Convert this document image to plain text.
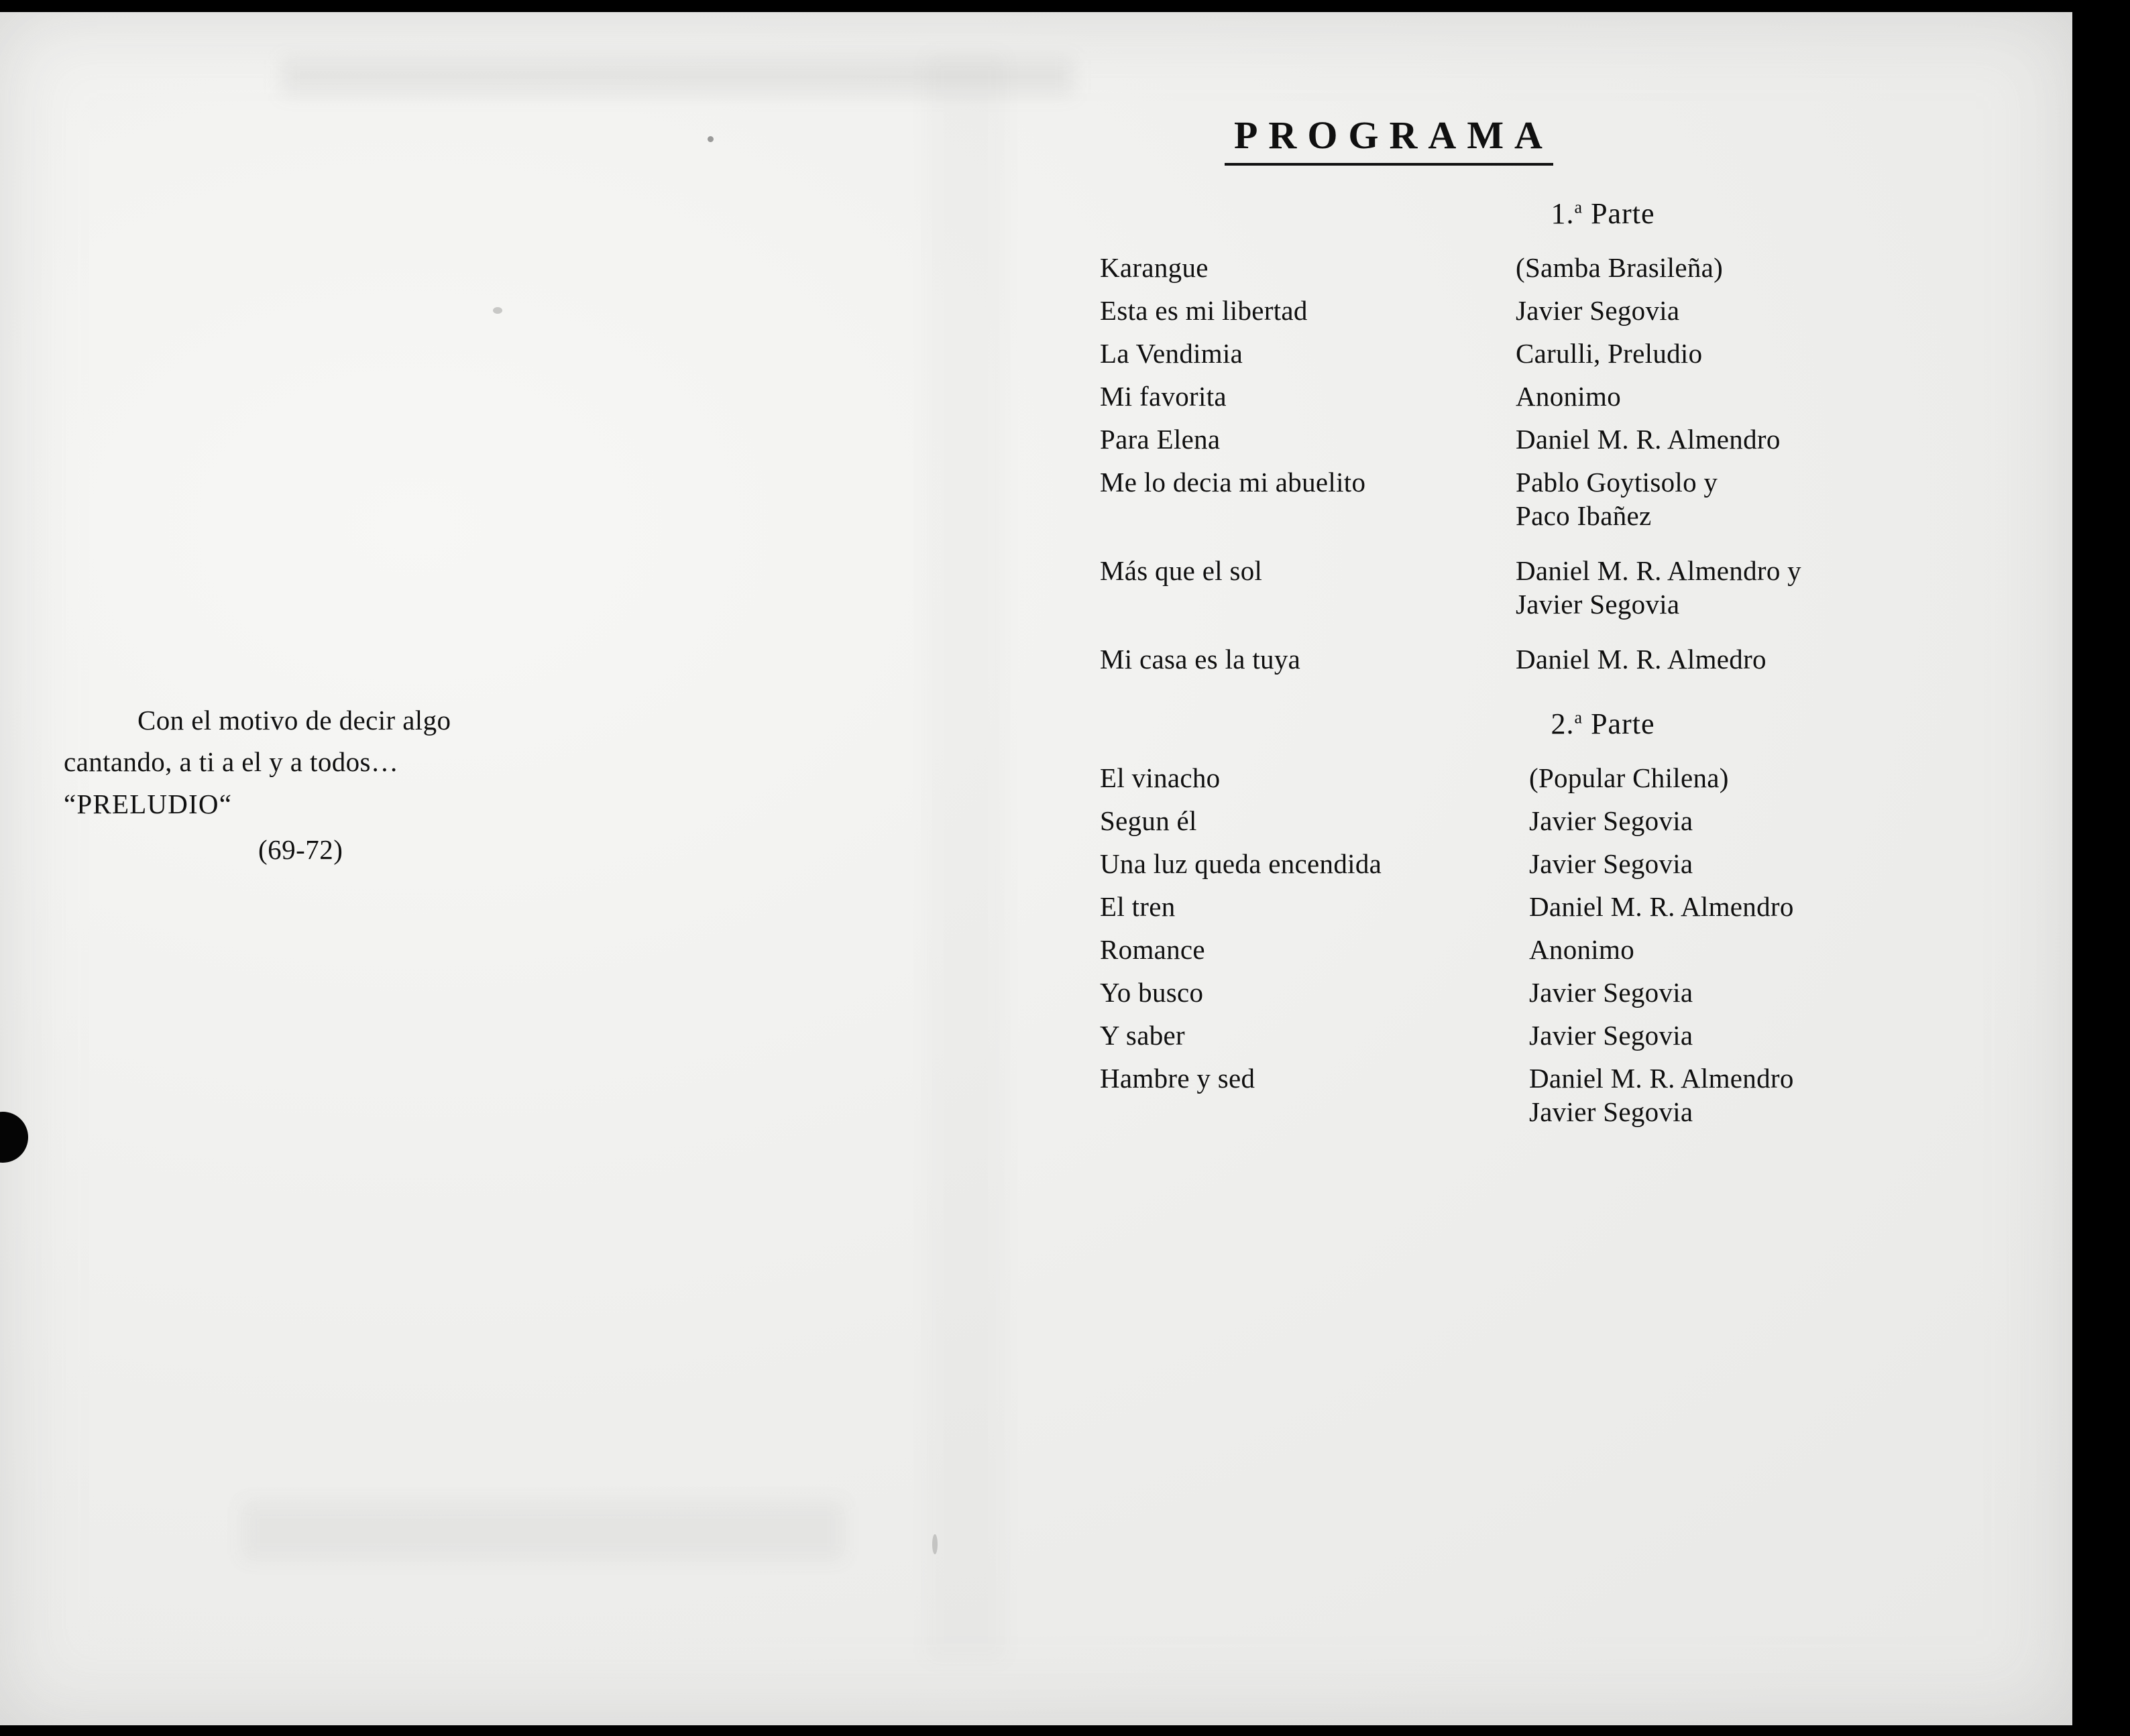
Con el motivo de decir algo
cantando, a ti a el y a todos…
“PRELUDIO“
(69-72)
PROGRAMA
1.$^a$ Parte
Karangue	(Samba Brasileña)
Esta es mi libertad	Javier Segovia
La Vendimia	Carulli, Preludio
Mi favorita	Anonimo
Para Elena	Daniel M. R. Almendro
Me lo decia mi abuelito	Pablo Goytisolo y
Paco Ibañez
Más que el sol	Daniel M. R. Almendro y
Javier Segovia
Mi casa es la tuya	Daniel M. R. Almedro
2.$^a$ Parte
El vinacho	(Popular Chilena)
Segun él	Javier Segovia
Una luz queda encendida	Javier Segovia
El tren	Daniel M. R. Almendro
Romance	Anonimo
Yo busco	Javier Segovia
Y saber	Javier Segovia
Hambre y sed	Daniel M. R. Almendro
Javier Segovia
